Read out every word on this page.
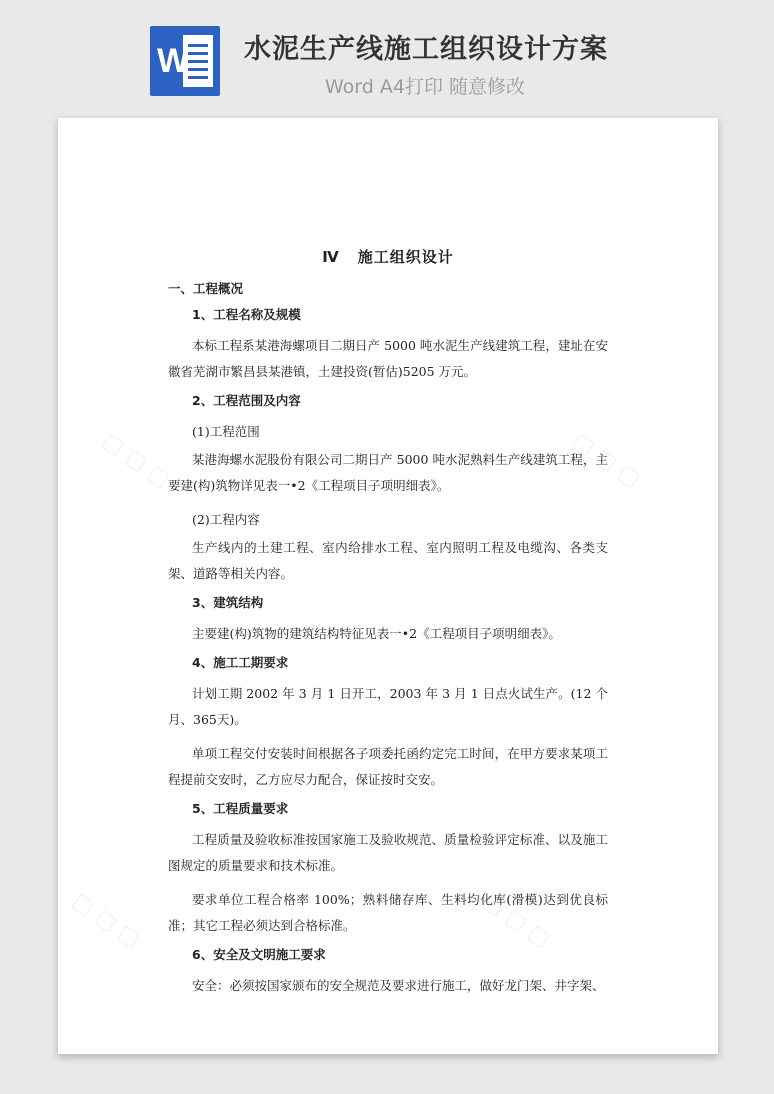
W 水泥生产线施工组织设计方案
Word A4打印 随意修改
▢ ▢ ▢	▢ ▢ ▢
▢ ▢ ▢	▢ ▢ ▢
Ⅳ 施工组织设计
一、工程概况
1、工程名称及规模
本标工程系某港海螺项目二期日产 5000 吨水泥生产线建筑工程，建址在安徽省芜湖市繁昌县某港镇，土建投资(暂估)5205 万元。
2、工程范围及内容
(1)工程范围
某港海螺水泥股份有限公司二期日产 5000 吨水泥熟料生产线建筑工程，主要建(构)筑物详见表一•2《工程项目子项明细表》。
(2)工程内容
生产线内的土建工程、室内给排水工程、室内照明工程及电缆沟、各类支架、道路等相关内容。
3、建筑结构
主要建(构)筑物的建筑结构特征见表一•2《工程项目子项明细表》。
4、施工工期要求
计划工期 2002 年 3 月 1 日开工，2003 年 3 月 1 日点火试生产。(12 个月、365天)。
单项工程交付安装时间根据各子项委托函约定完工时间，在甲方要求某项工程提前交安时，乙方应尽力配合，保证按时交安。
5、工程质量要求
工程质量及验收标准按国家施工及验收规范、质量检验评定标准、以及施工图规定的质量要求和技术标准。
要求单位工程合格率 100%；熟料储存库、生料均化库(滑模)达到优良标准；其它工程必须达到合格标准。
6、安全及文明施工要求
安全：必须按国家颁布的安全规范及要求进行施工，做好龙门架、井字架、
